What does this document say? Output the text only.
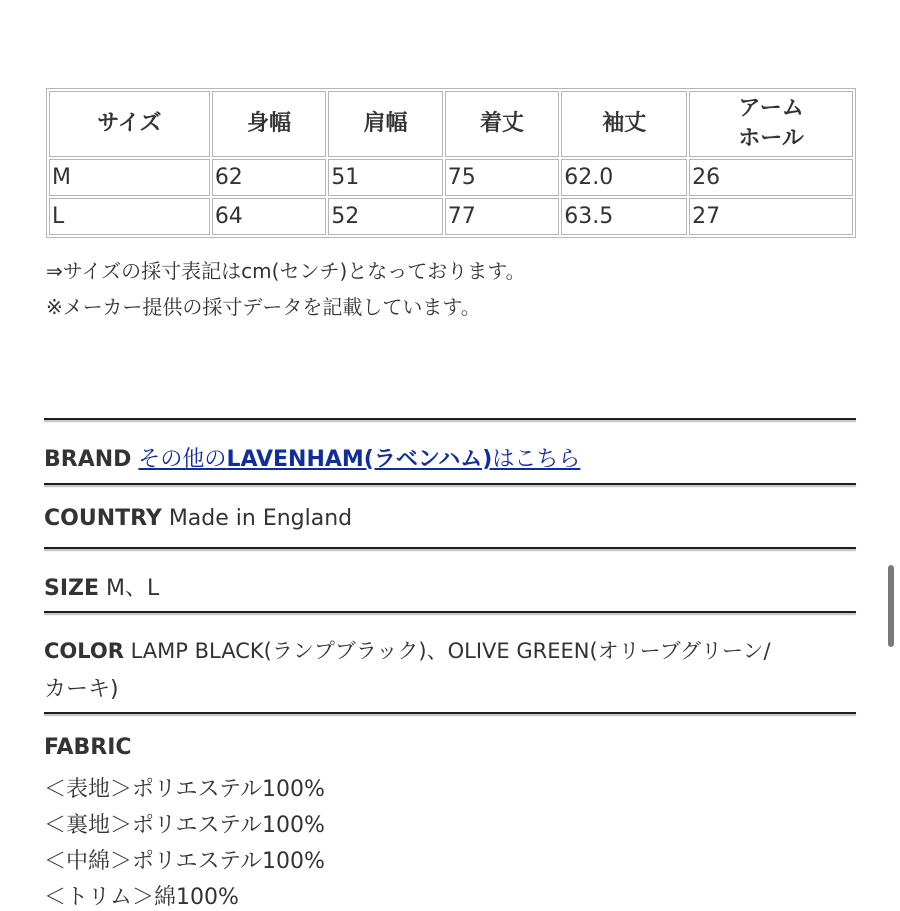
サイズ	身幅	肩幅	着丈	袖丈	アーム
ホール
M	62	51	75	62.0	26
L	64	52	77	63.5	27
⇒サイズの採寸表記はcm(センチ)となっております。
※メーカー提供の採寸データを記載しています。
BRAND その他のLAVENHAM(ラベンハム)はこちら
COUNTRY Made in England
SIZE M、L
COLOR LAMP BLACK(ランプブラック)、OLIVE GREEN(オリーブグリーン/
カーキ)
FABRIC
＜表地＞ポリエステル100%
＜裏地＞ポリエステル100%
＜中綿＞ポリエステル100%
＜トリム＞綿100%
